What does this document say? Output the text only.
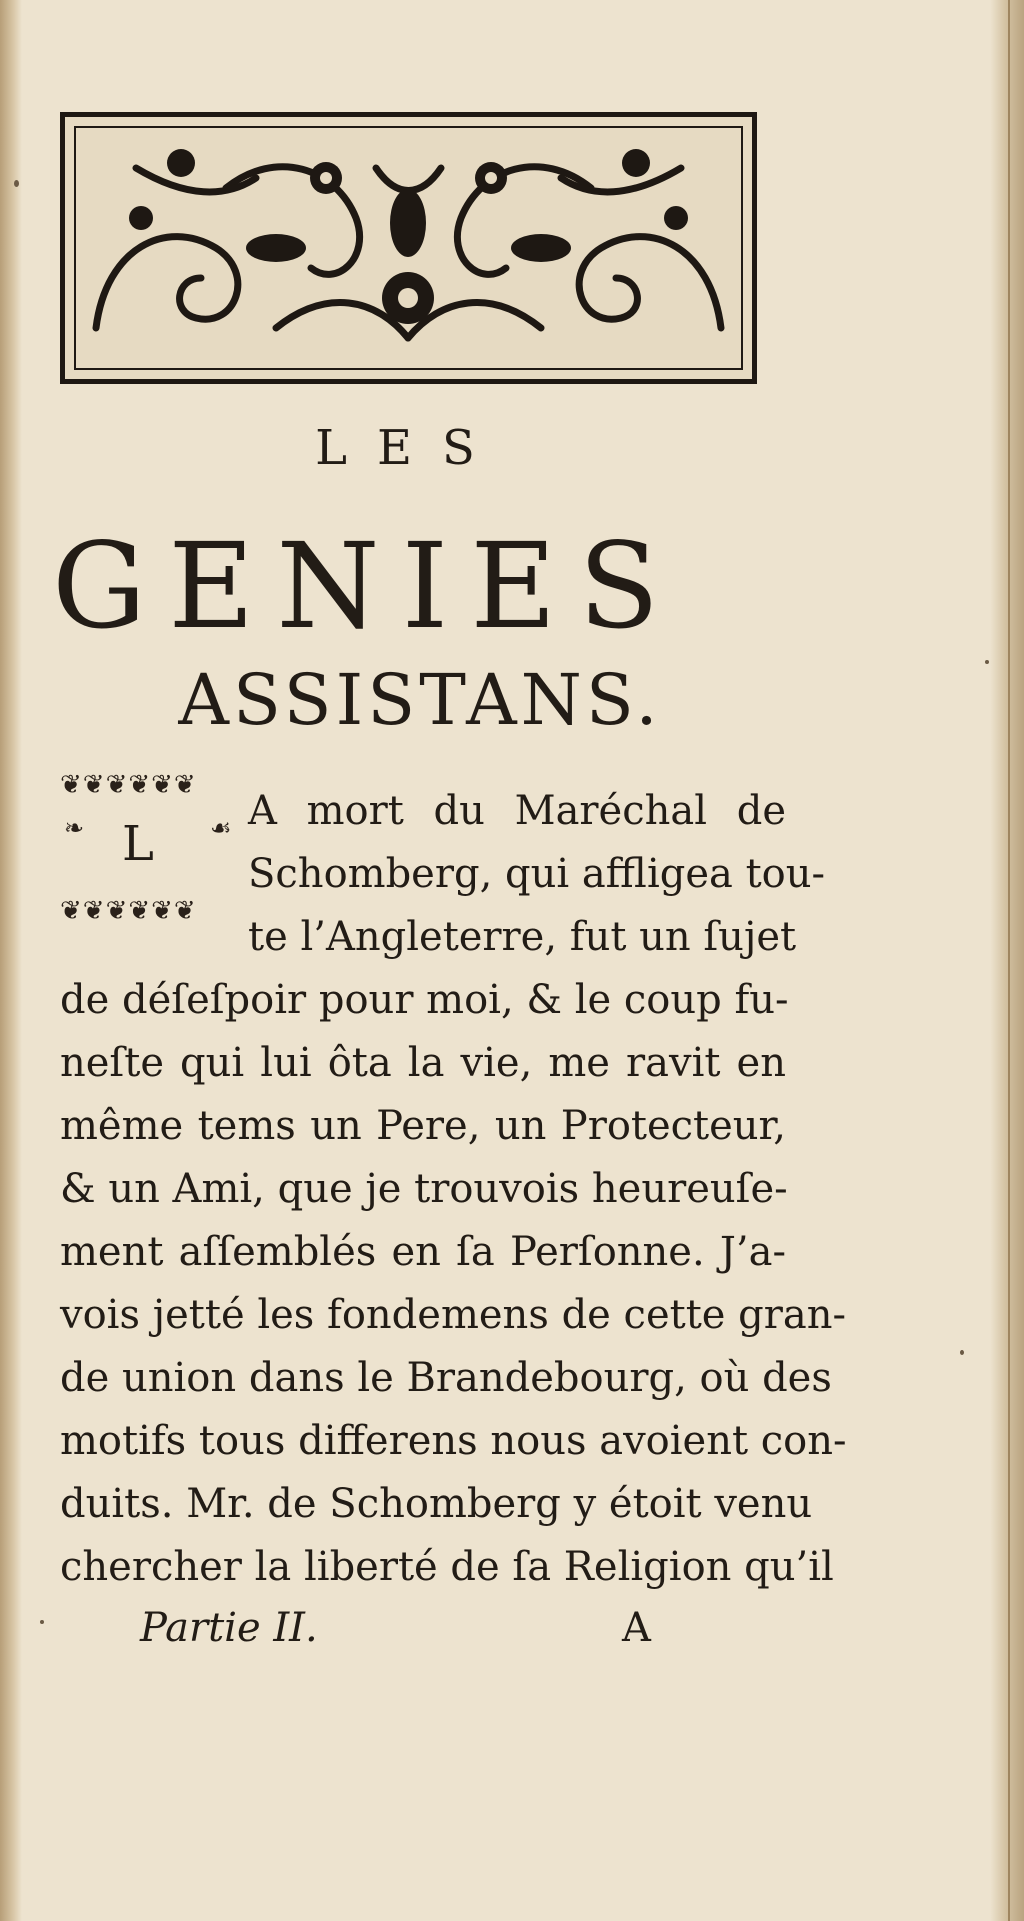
LES
GENIES
ASSISTANS.
❦❦❦❦❦❦
❧ L ☙
❦❦❦❦❦❦
A mort du Maréchal de
Schomberg, qui affligea tou-
te l’Angleterre, fut un ſujet
de déſeſpoir pour moi, & le coup fu-
neſte qui lui ôta la vie, me ravit en
même tems un Pere, un Protecteur,
& un Ami, que je trouvois heureuſe-
ment aſſemblés en ſa Perſonne. J’a-
vois jetté les fondemens de cette gran-
de union dans le Brandebourg, où des
motifs tous differens nous avoient con-
duits. Mr. de Schomberg y étoit venu
chercher la liberté de ſa Religion qu’il
Partie II.	A
